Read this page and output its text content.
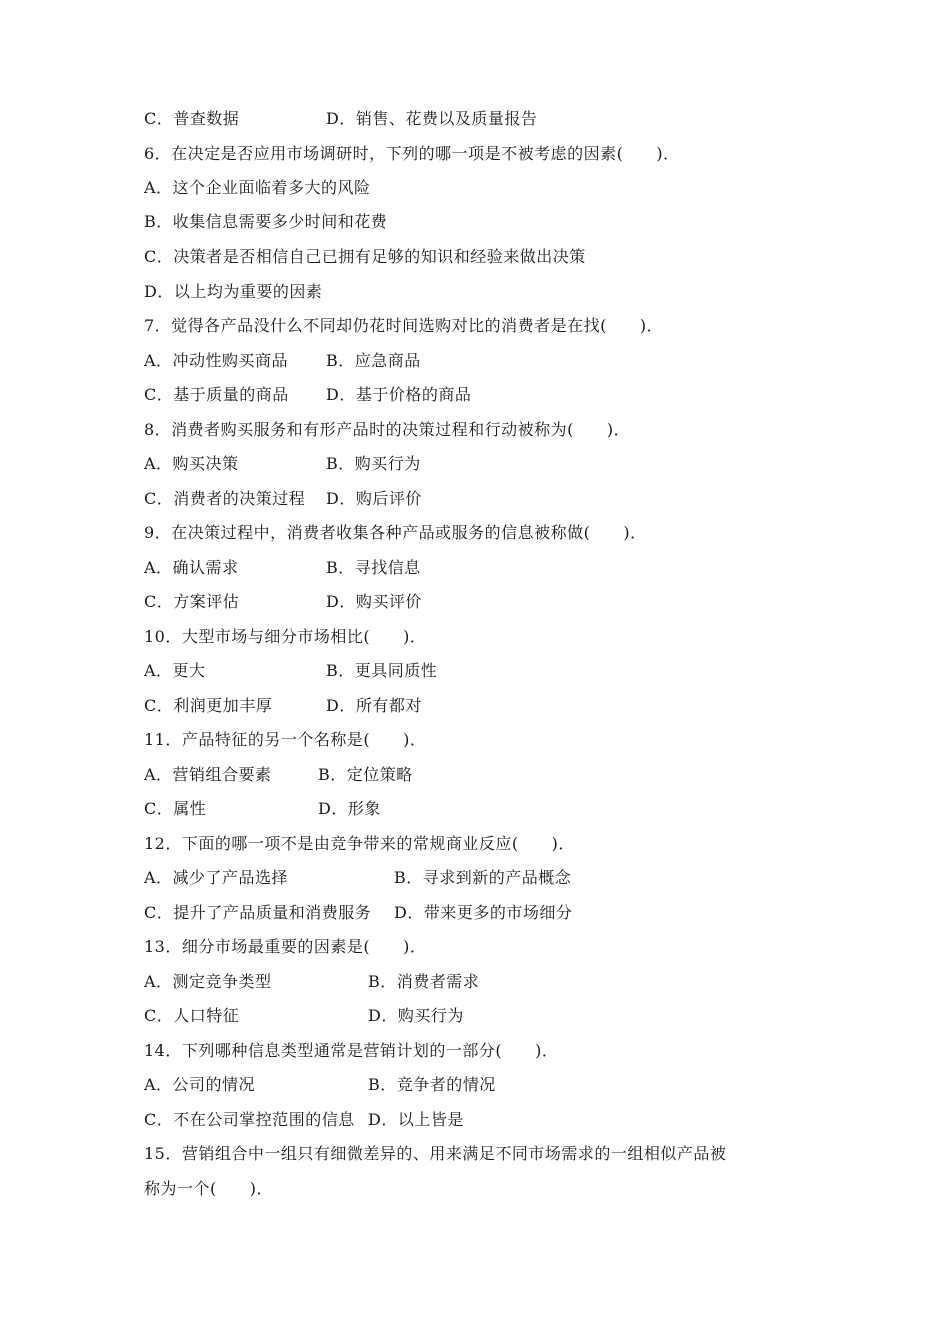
C．普查数据	D．销售、花费以及质量报告
6．在决定是否应用市场调研时，下列的哪一项是不被考虑的因素(　　)．
A．这个企业面临着多大的风险
B．收集信息需要多少时间和花费
C．决策者是否相信自己已拥有足够的知识和经验来做出决策
D．以上均为重要的因素
7．觉得各产品没什么不同却仍花时间选购对比的消费者是在找(　　)．
A．冲动性购买商品 B．应急商品
C．基于质量的商品 D．基于价格的商品
8．消费者购买服务和有形产品时的决策过程和行动被称为(　　)．
A．购买决策	B．购买行为
C．消费者的决策过程 D．购后评价
9．在决策过程中，消费者收集各种产品或服务的信息被称做(　　)．
A．确认需求	B．寻找信息
C．方案评估	D．购买评价
10．大型市场与细分市场相比(　　)．
A．更大	B．更具同质性
C．利润更加丰厚	D．所有都对
11．产品特征的另一个名称是(　　)．
A．营销组合要素	B．定位策略
C．属性	D．形象
12．下面的哪一项不是由竞争带来的常规商业反应(　　)．
A．减少了产品选择	B．寻求到新的产品概念
C．提升了产品质量和消费服务 D．带来更多的市场细分
13．细分市场最重要的因素是(　　)．
A．测定竞争类型	B．消费者需求
C．人口特征	D．购买行为
14．下列哪种信息类型通常是营销计划的一部分(　　)．
A．公司的情况	B．竞争者的情况
C．不在公司掌控范围的信息 D．以上皆是
15．营销组合中一组只有细微差异的、用来满足不同市场需求的一组相似产品被
称为一个(　　)．
